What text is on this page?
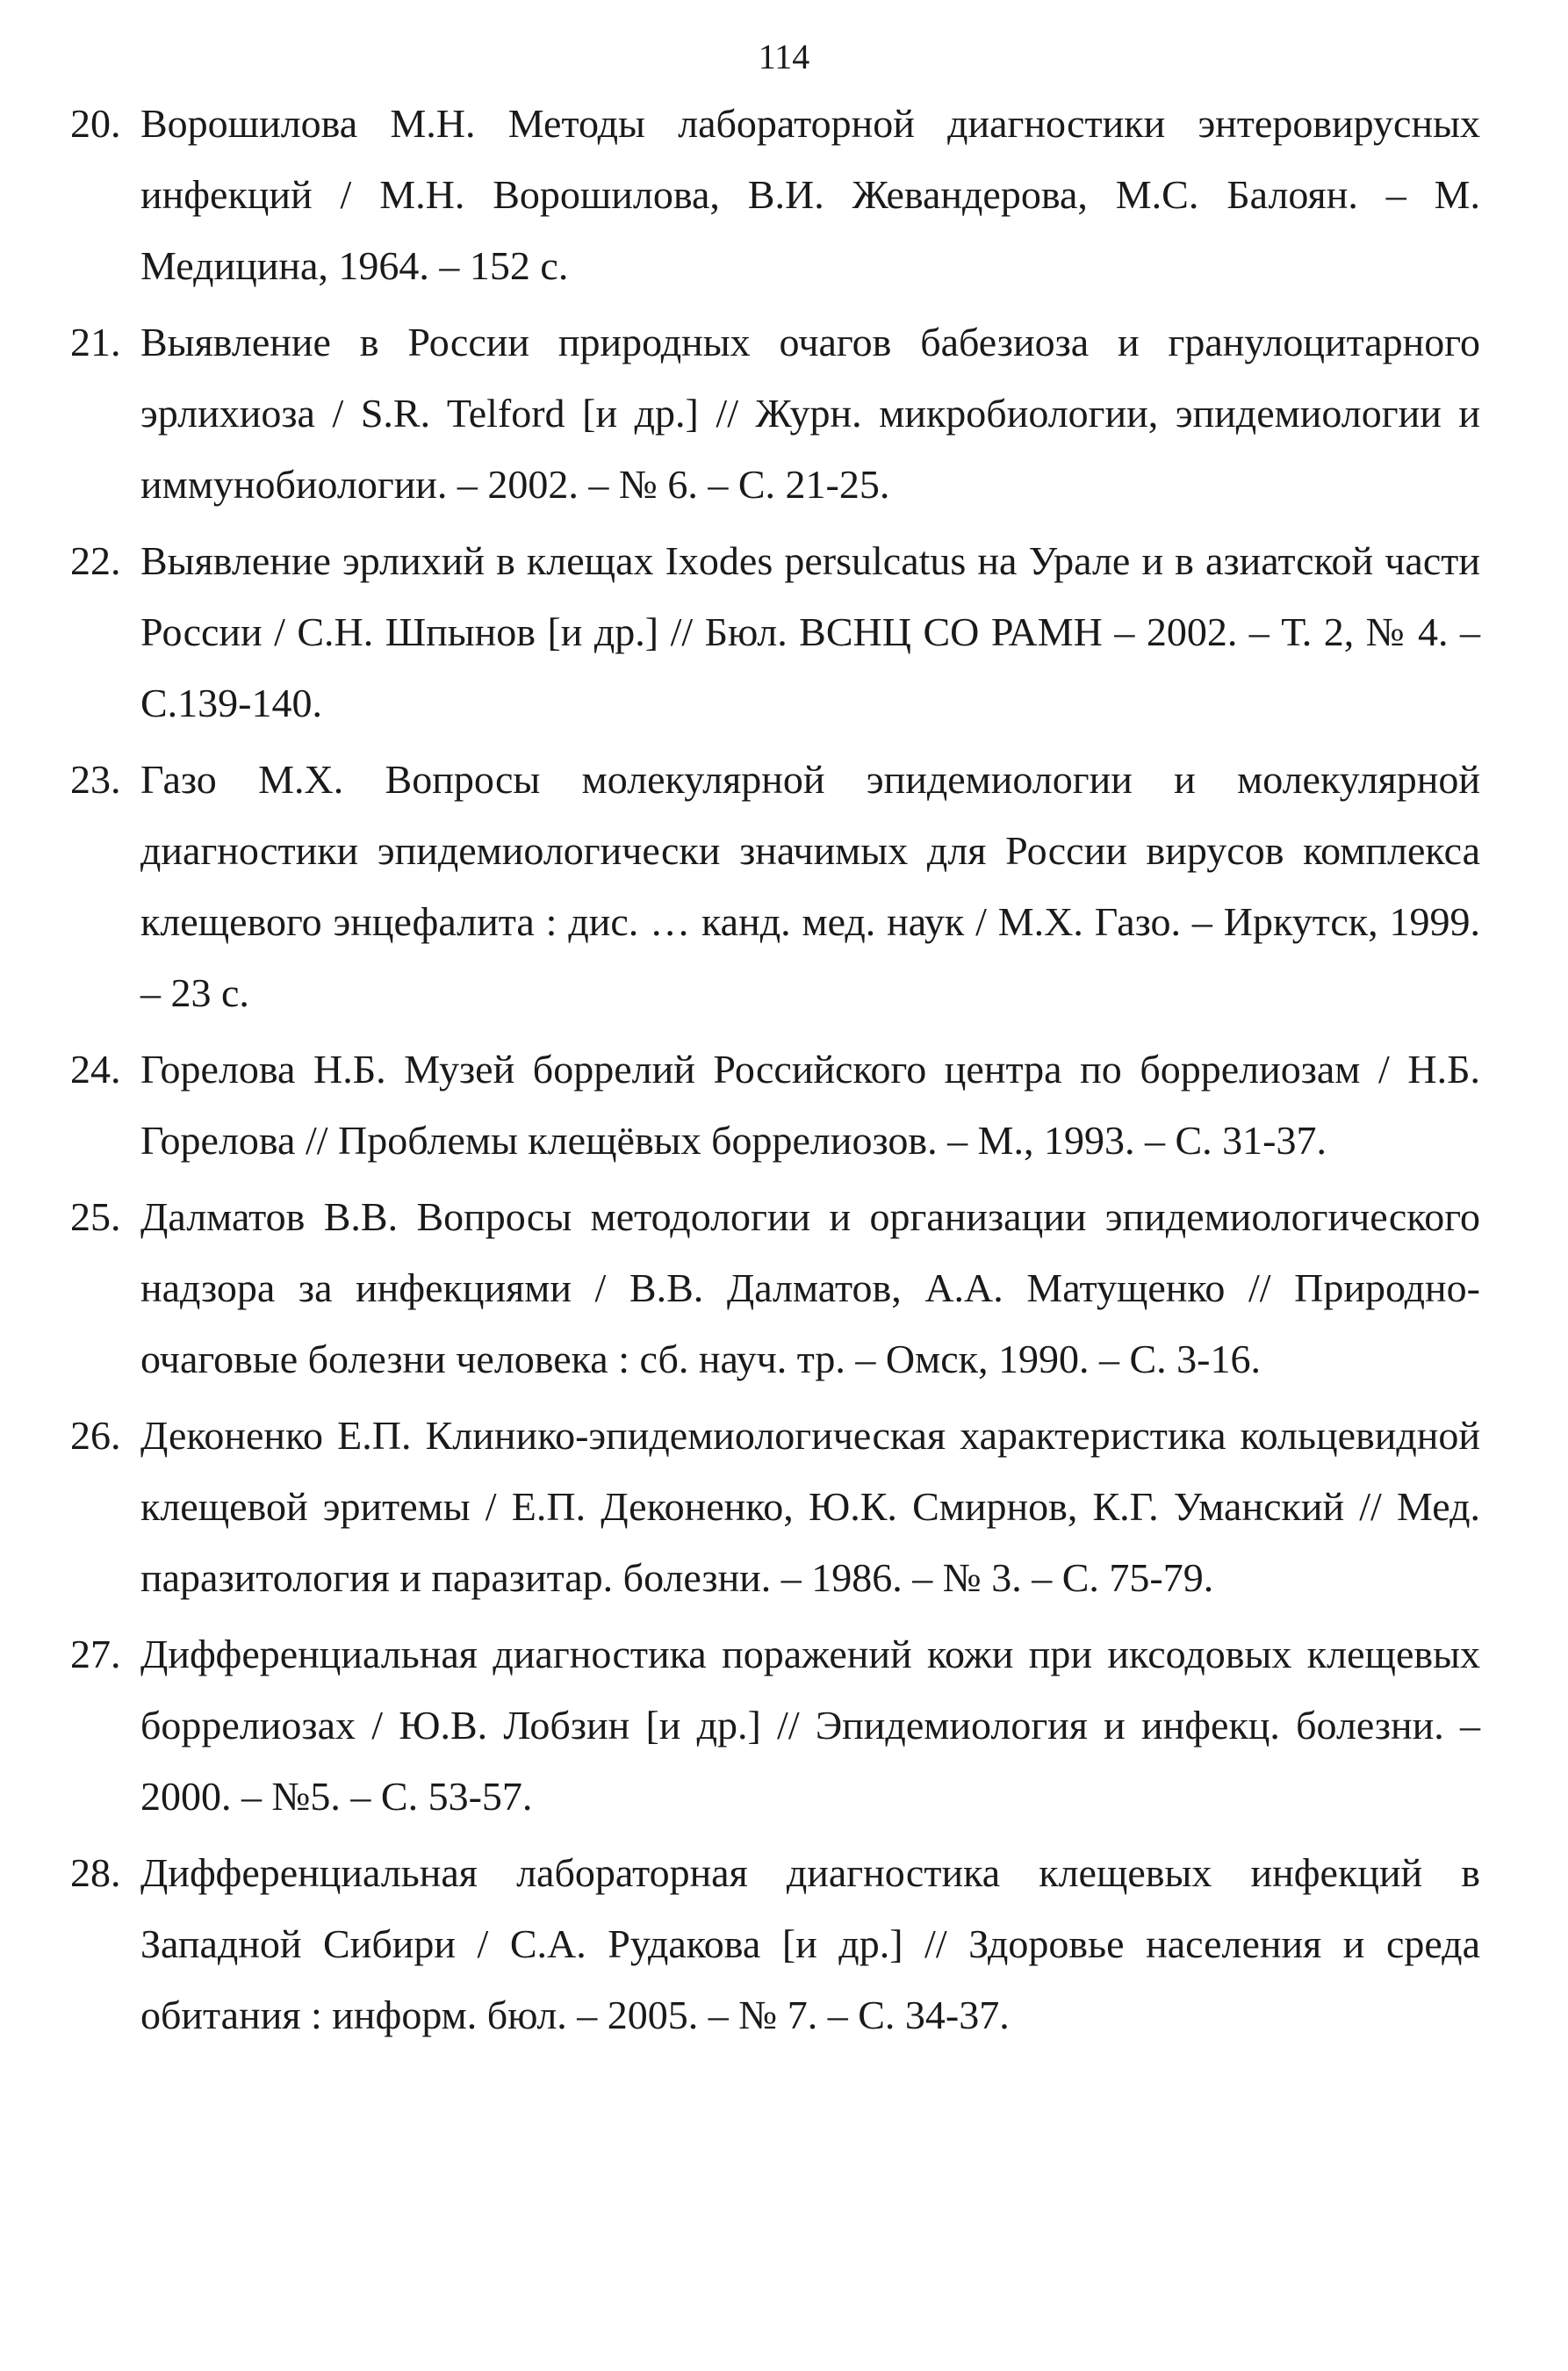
114
20. Ворошилова М.Н. Методы лабораторной диагностики энтеровирусных инфекций / М.Н. Ворошилова, В.И. Жевандерова, М.С. Балоян. – М. Медицина, 1964. – 152 с.
21. Выявление в России природных очагов бабезиоза и гранулоцитарного эрлихиоза / S.R. Telford [и др.] // Журн. микробиологии, эпидемиологии и иммунобиологии. – 2002. – № 6. – С. 21-25.
22. Выявление эрлихий в клещах Ixodes persulcatus на Урале и в азиатской части России / С.Н. Шпынов [и др.] // Бюл. ВСНЦ СО РАМН – 2002. – Т. 2, № 4. – С.139-140.
23. Газо М.Х. Вопросы молекулярной эпидемиологии и молекулярной диагностики эпидемиологически значимых для России вирусов комплекса клещевого энцефалита : дис. … канд. мед. наук / М.Х. Газо. – Иркутск, 1999. – 23 с.
24. Горелова Н.Б. Музей боррелий Российского центра по боррелиозам / Н.Б. Горелова // Проблемы клещёвых боррелиозов. – М., 1993. – С. 31-37.
25. Далматов В.В. Вопросы методологии и организации эпидемиологического надзора за инфекциями / В.В. Далматов, А.А. Матущенко // Природно-очаговые болезни человека : сб. науч. тр. – Омск, 1990. – С. 3-16.
26. Деконенко Е.П. Клинико-эпидемиологическая характеристика кольцевидной клещевой эритемы / Е.П. Деконенко, Ю.К. Смирнов, К.Г. Уманский // Мед. паразитология и паразитар. болезни. – 1986. – № 3. – С. 75-79.
27. Дифференциальная диагностика поражений кожи при иксодовых клещевых боррелиозах / Ю.В. Лобзин [и др.] // Эпидемиология и инфекц. болезни. – 2000. – №5. – С. 53-57.
28. Дифференциальная лабораторная диагностика клещевых инфекций в Западной Сибири / С.А. Рудакова [и др.] // Здоровье населения и среда обитания : информ. бюл. – 2005. – № 7. – С. 34-37.
